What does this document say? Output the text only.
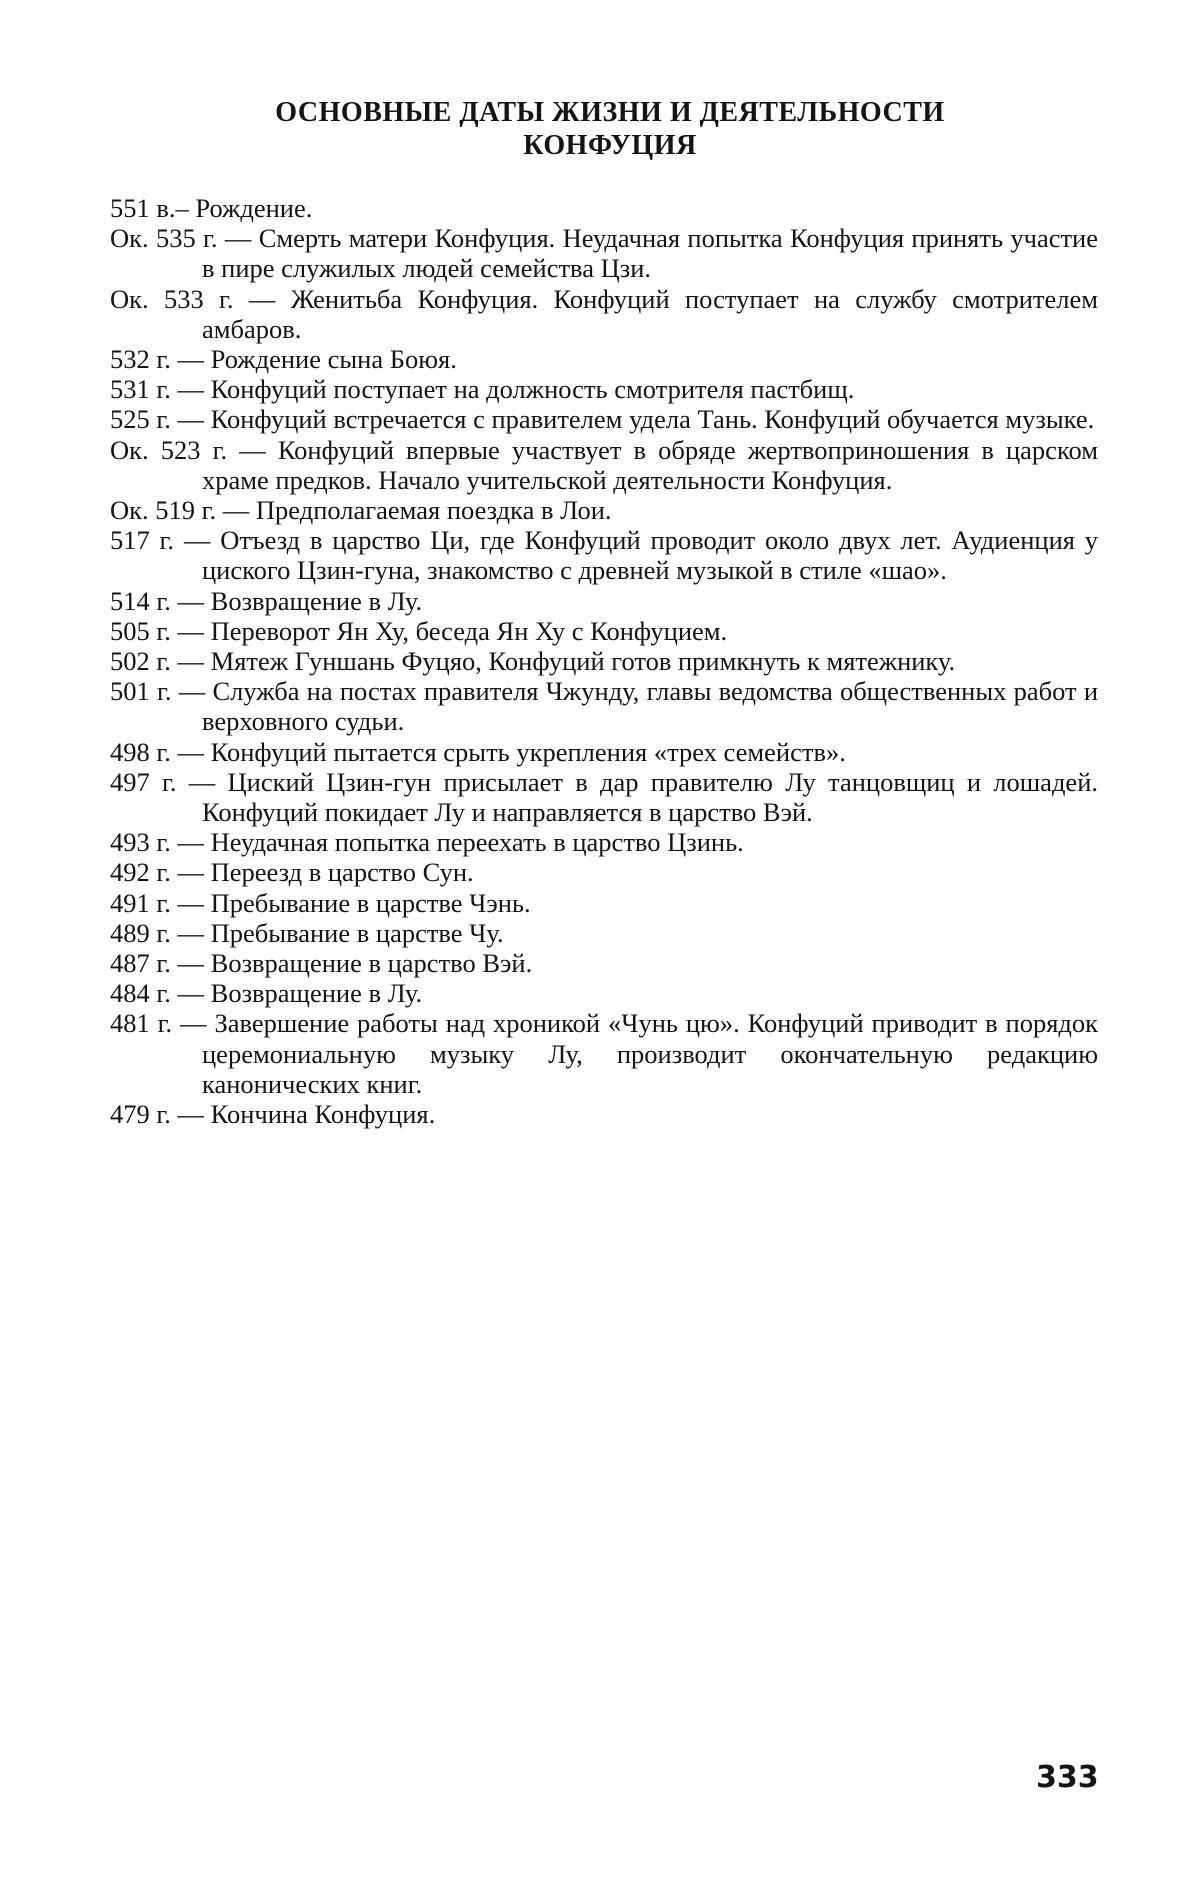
ОСНОВНЫЕ ДАТЫ ЖИЗНИ И ДЕЯТЕЛЬНОСТИ
КОНФУЦИЯ
551 в.– Рождение.
Ок. 535 г. — Смерть матери Конфуция. Неудачная попытка Конфуция принять участие в пире служилых людей семейства Цзи.
Ок. 533 г. — Женитьба Конфуция. Конфуций поступает на службу смотрителем амбаров.
532 г. — Рождение сына Боюя.
531 г. — Конфуций поступает на должность смотрителя пастбищ.
525 г. — Конфуций встречается с правителем удела Тань. Конфуций обучается музыке.
Ок. 523 г. — Конфуций впервые участвует в обряде жертвоприношения в царском храме предков. Начало учительской деятельности Конфуция.
Ок. 519 г. — Предполагаемая поездка в Лои.
517 г. — Отъезд в царство Ци, где Конфуций проводит около двух лет. Аудиенция у циского Цзин-гуна, знакомство с древней музыкой в стиле «шао».
514 г. — Возвращение в Лу.
505 г. — Переворот Ян Ху, беседа Ян Ху с Конфуцием.
502 г. — Мятеж Гуншань Фуцяо, Конфуций готов примкнуть к мятежнику.
501 г. — Служба на постах правителя Чжунду, главы ведомства общественных работ и верховного судьи.
498 г. — Конфуций пытается срыть укрепления «трех семейств».
497 г. — Циский Цзин-гун присылает в дар правителю Лу танцовщиц и лошадей. Конфуций покидает Лу и направляется в царство Вэй.
493 г. — Неудачная попытка переехать в царство Цзинь.
492 г. — Переезд в царство Сун.
491 г. — Пребывание в царстве Чэнь.
489 г. — Пребывание в царстве Чу.
487 г. — Возвращение в царство Вэй.
484 г. — Возвращение в Лу.
481 г. — Завершение работы над хроникой «Чунь цю». Конфуций приводит в порядок церемониальную музыку Лу, производит окончательную редакцию канонических книг.
479 г. — Кончина Конфуция.
333
